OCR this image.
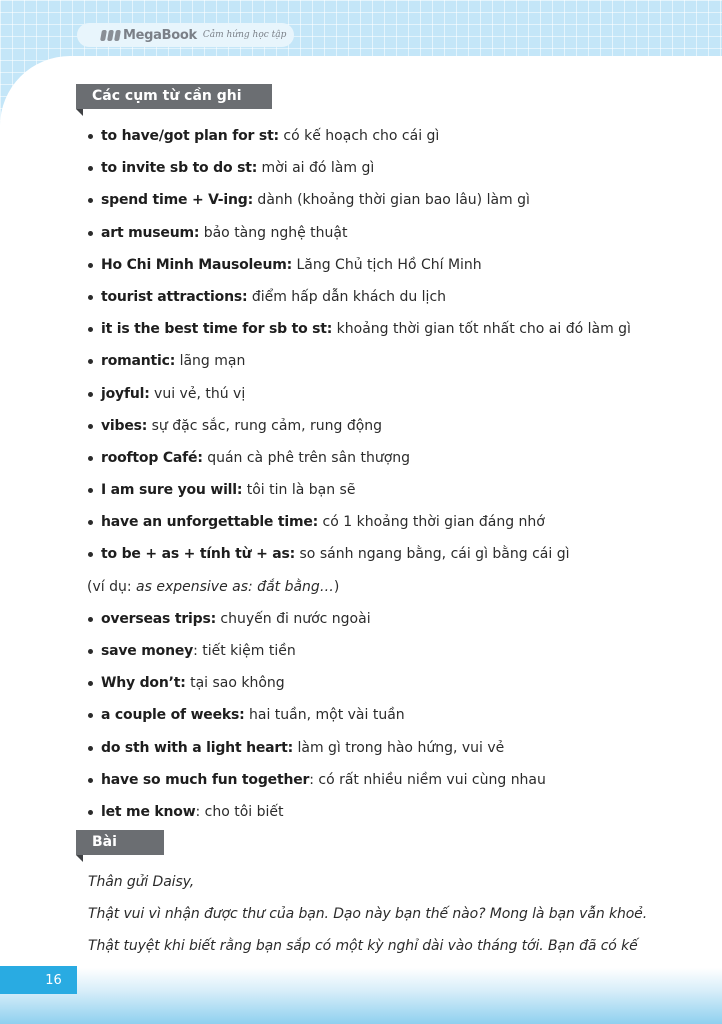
MegaBook Cảm hứng học tập
Các cụm từ cần ghi nhớ
to have/got plan for st: có kế hoạch cho cái gì
to invite sb to do st: mời ai đó làm gì
spend time + V-ing: dành (khoảng thời gian bao lâu) làm gì
art museum: bảo tàng nghệ thuật
Ho Chi Minh Mausoleum: Lăng Chủ tịch Hồ Chí Minh
tourist attractions: điểm hấp dẫn khách du lịch
it is the best time for sb to st: khoảng thời gian tốt nhất cho ai đó làm gì
romantic: lãng mạn
joyful: vui vẻ, thú vị
vibes: sự đặc sắc, rung cảm, rung động
rooftop Café: quán cà phê trên sân thượng
I am sure you will: tôi tin là bạn sẽ
have an unforgettable time: có 1 khoảng thời gian đáng nhớ
to be + as + tính từ + as: so sánh ngang bằng, cái gì bằng cái gì
(ví dụ: as expensive as: đắt bằng…)
overseas trips: chuyến đi nước ngoài
save money: tiết kiệm tiền
Why don’t: tại sao không
a couple of weeks: hai tuần, một vài tuần
do sth with a light heart: làm gì trong hào hứng, vui vẻ
have so much fun together: có rất nhiều niềm vui cùng nhau
let me know: cho tôi biết
Bài dịch

Thân gửi Daisy,

Thật vui vì nhận được thư của bạn. Dạo này bạn thế nào? Mong là bạn vẫn khoẻ.

Thật tuyệt khi biết rằng bạn sắp có một kỳ nghỉ dài vào tháng tới. Bạn đã có kế

16
